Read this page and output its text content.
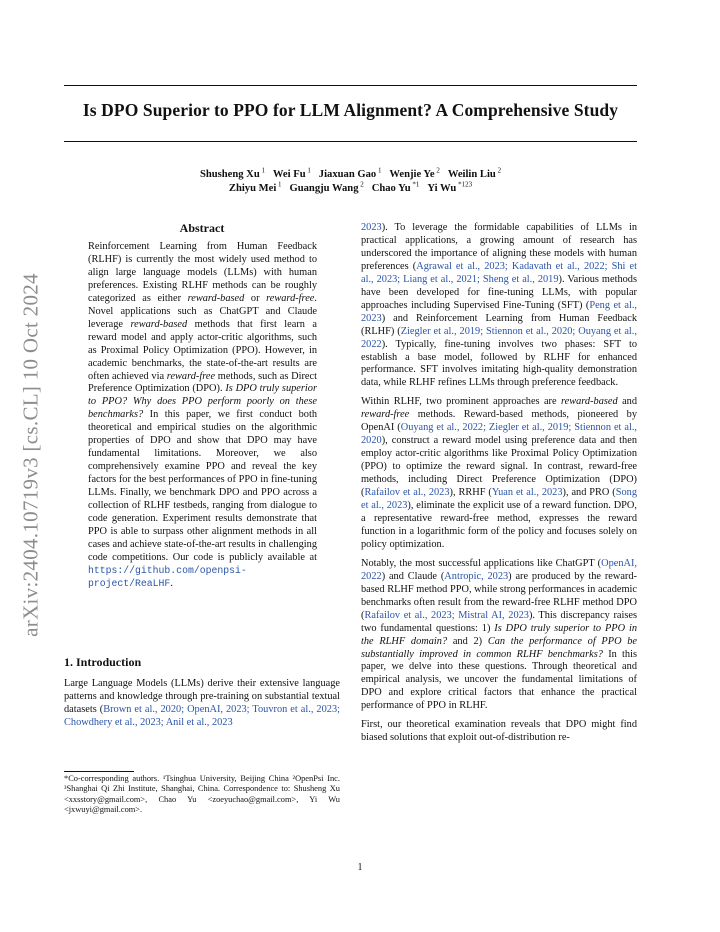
Is DPO Superior to PPO for LLM Alignment? A Comprehensive Study
Shusheng Xu $^1$ Wei Fu $^1$ Jiaxuan Gao $^1$ Wenjie Ye $^2$ Weilin Liu $^2$
Zhiyu Mei $^1$ Guangju Wang $^2$ Chao Yu $^{*1}$ Yi Wu $^{*123}$
arXiv:2404.10719v3 [cs.CL] 10 Oct 2024
Abstract
Reinforcement Learning from Human Feedback (RLHF) is currently the most widely used method to align large language models (LLMs) with human preferences. Existing RLHF methods can be roughly categorized as either reward-based or reward-free. Novel applications such as ChatGPT and Claude leverage reward-based methods that first learn a reward model and apply actor-critic algorithms, such as Proximal Policy Optimization (PPO). However, in academic benchmarks, the state-of-the-art results are often achieved via reward-free methods, such as Direct Preference Optimization (DPO). Is DPO truly superior to PPO? Why does PPO perform poorly on these benchmarks? In this paper, we first conduct both theoretical and empirical studies on the algorithmic properties of DPO and show that DPO may have fundamental limitations. Moreover, we also comprehensively examine PPO and reveal the key factors for the best performances of PPO in fine-tuning LLMs. Finally, we benchmark DPO and PPO across a collection of RLHF testbeds, ranging from dialogue to code generation. Experiment results demonstrate that PPO is able to surpass other alignment methods in all cases and achieve state-of-the-art results in challenging code competitions. Our code is publicly available at https://github.com/openpsi-project/ReaLHF.
1. Introduction
Large Language Models (LLMs) derive their extensive language patterns and knowledge through pre-training on substantial textual datasets (Brown et al., 2020; OpenAI, 2023; Touvron et al., 2023; Chowdhery et al., 2023; Anil et al., 2023
*Co-corresponding authors. ¹Tsinghua University, Beijing China ²OpenPsi Inc. ³Shanghai Qi Zhi Institute, Shanghai, China. Correspondence to: Shusheng Xu <xxsstory@gmail.com>, Chao Yu <zoeyuchao@gmail.com>, Yi Wu <jxwuyi@gmail.com>.
2023). To leverage the formidable capabilities of LLMs in practical applications, a growing amount of research has underscored the importance of aligning these models with human preferences (Agrawal et al., 2023; Kadavath et al., 2022; Shi et al., 2023; Liang et al., 2021; Sheng et al., 2019). Various methods have been developed for fine-tuning LLMs, with popular approaches including Supervised Fine-Tuning (SFT) (Peng et al., 2023) and Reinforcement Learning from Human Feedback (RLHF) (Ziegler et al., 2019; Stiennon et al., 2020; Ouyang et al., 2022). Typically, fine-tuning involves two phases: SFT to establish a base model, followed by RLHF for enhanced performance. SFT involves imitating high-quality demonstration data, while RLHF refines LLMs through preference feedback.
Within RLHF, two prominent approaches are reward-based and reward-free methods. Reward-based methods, pioneered by OpenAI (Ouyang et al., 2022; Ziegler et al., 2019; Stiennon et al., 2020), construct a reward model using preference data and then employ actor-critic algorithms like Proximal Policy Optimization (PPO) to optimize the reward signal. In contrast, reward-free methods, including Direct Preference Optimization (DPO) (Rafailov et al., 2023), RRHF (Yuan et al., 2023), and PRO (Song et al., 2023), eliminate the explicit use of a reward function. DPO, a representative reward-free method, expresses the reward function in a logarithmic form of the policy and focuses solely on policy optimization.
Notably, the most successful applications like ChatGPT (OpenAI, 2022) and Claude (Antropic, 2023) are produced by the reward-based RLHF method PPO, while strong performances in academic benchmarks often result from the reward-free RLHF method DPO (Rafailov et al., 2023; Mistral AI, 2023). This discrepancy raises two fundamental questions: 1) Is DPO truly superior to PPO in the RLHF domain? and 2) Can the performance of PPO be substantially improved in common RLHF benchmarks? In this paper, we delve into these questions. Through theoretical and empirical analysis, we uncover the fundamental limitations of DPO and explore critical factors that enhance the practical performance of PPO in RLHF.
First, our theoretical examination reveals that DPO might find biased solutions that exploit out-of-distribution re-
1
